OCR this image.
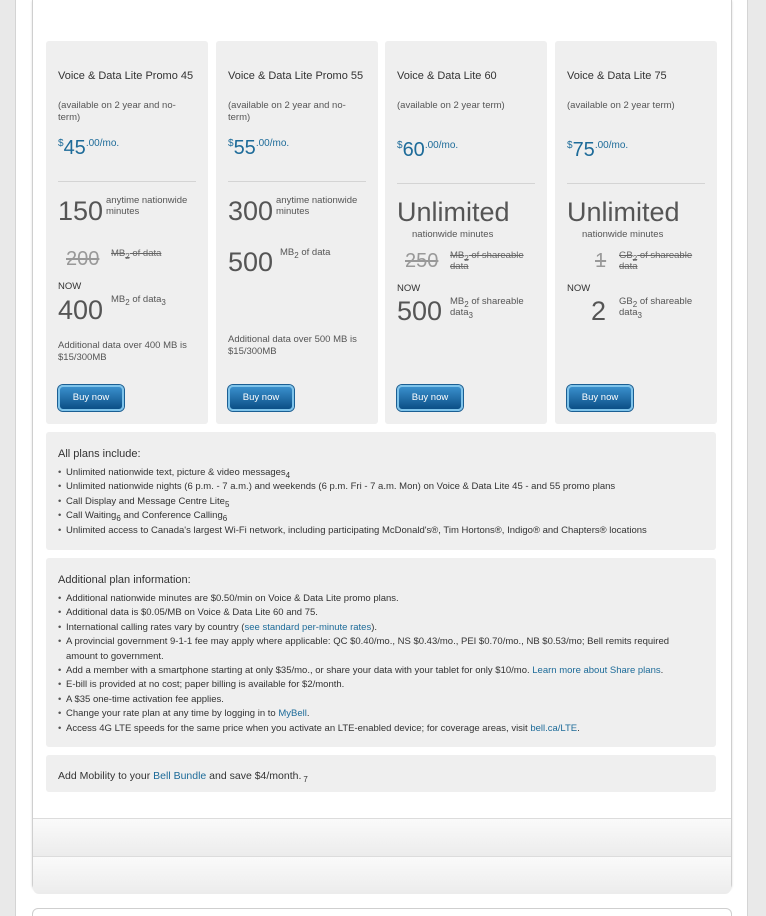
Voice & Data Lite Promo 45
(available on 2 year and no-term)
$^{\$}45^{.00/mo.}$
150 anytime nationwide minutes
200 $MB_2$ of data
NOW
400 $MB_2$ of data$_3$
Additional data over 400 MB is $15/300MB
Buy now
Voice & Data Lite Promo 55
(available on 2 year and no-term)
$^{\$}55^{.00/mo.}$
300 anytime nationwide minutes
500 $MB_2$ of data
Additional data over 500 MB is $15/300MB
Buy now
Voice & Data Lite 60
(available on 2 year term)
$^{\$}60^{.00/mo.}$
Unlimited
nationwide minutes
250 $MB_2$ of shareable
data
NOW
500 $MB_2$ of shareable
data$_3$
Buy now
Voice & Data Lite 75
(available on 2 year term)
$^{\$}75^{.00/mo.}$
Unlimited
nationwide minutes
1 $GB_2$ of shareable
data
NOW
2 $GB_2$ of shareable
data$_3$
Buy now
All plans include:
• Unlimited nationwide text, picture & video messages$_4$
• Unlimited nationwide nights (6 p.m. - 7 a.m.) and weekends (6 p.m. Fri - 7 a.m. Mon) on Voice & Data Lite 45 - and 55 promo plans
• Call Display and Message Centre Lite$_5$
• Call Waiting$_6$ and Conference Calling$_6$
• Unlimited access to Canada's largest Wi-Fi network, including participating McDonald's®, Tim Hortons®, Indigo® and Chapters® locations
Additional plan information:
• Additional nationwide minutes are $0.50/min on Voice & Data Lite promo plans.
• Additional data is $0.05/MB on Voice & Data Lite 60 and 75.
• International calling rates vary by country (see standard per-minute rates).
• A provincial government 9-1-1 fee may apply where applicable: QC $0.40/mo., NS $0.43/mo., PEI $0.70/mo., NB $0.53/mo; Bell remits required amount to government.
• Add a member with a smartphone starting at only $35/mo., or share your data with your tablet for only $10/mo. Learn more about Share plans.
• E-bill is provided at no cost; paper billing is available for $2/month.
• A $35 one-time activation fee applies.
• Change your rate plan at any time by logging in to MyBell.
• Access 4G LTE speeds for the same price when you activate an LTE-enabled device; for coverage areas, visit bell.ca/LTE.
Add Mobility to your Bell Bundle and save $4/month. $_7$
